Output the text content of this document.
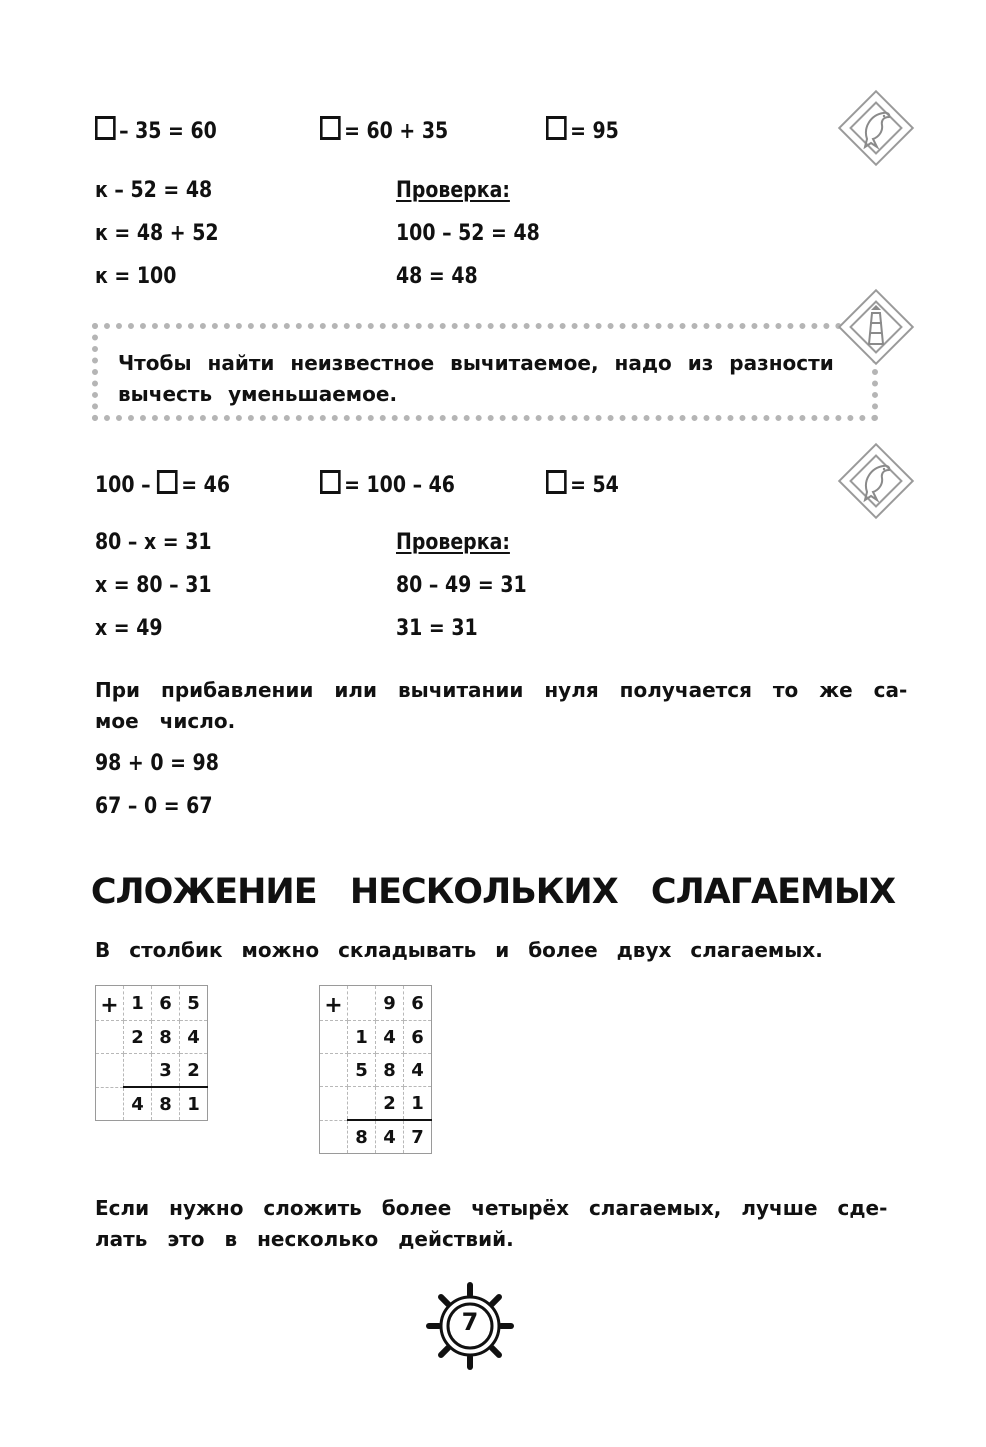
– 35 = 60	= 60 + 35	= 95
к – 52 = 48
к = 48 + 52
к = 100
Проверка:
100 – 52 = 48
48 = 48
Чтобы найти неизвестное вычитаемое, надо из разности
вычесть уменьшаемое.
100 – = 46	= 100 – 46	= 54
80 – x = 31
x = 80 – 31
x = 49
Проверка:
80 – 49 = 31
31 = 31
При прибавлении или вычитании нуля получается то же са-
мое число.
98 + 0 = 98
67 – 0 = 67
СЛОЖЕНИЕ НЕСКОЛЬКИХ СЛАГАЕМЫХ
В столбик можно складывать и более двух слагаемых.
+	1	6	5
	2	8	4
		3	2
	4	8	1
+		9	6
	1	4	6
	5	8	4
		2	1
	8	4	7
Если нужно сложить более четырёх слагаемых, лучше сде-
лать это в несколько действий.
7
